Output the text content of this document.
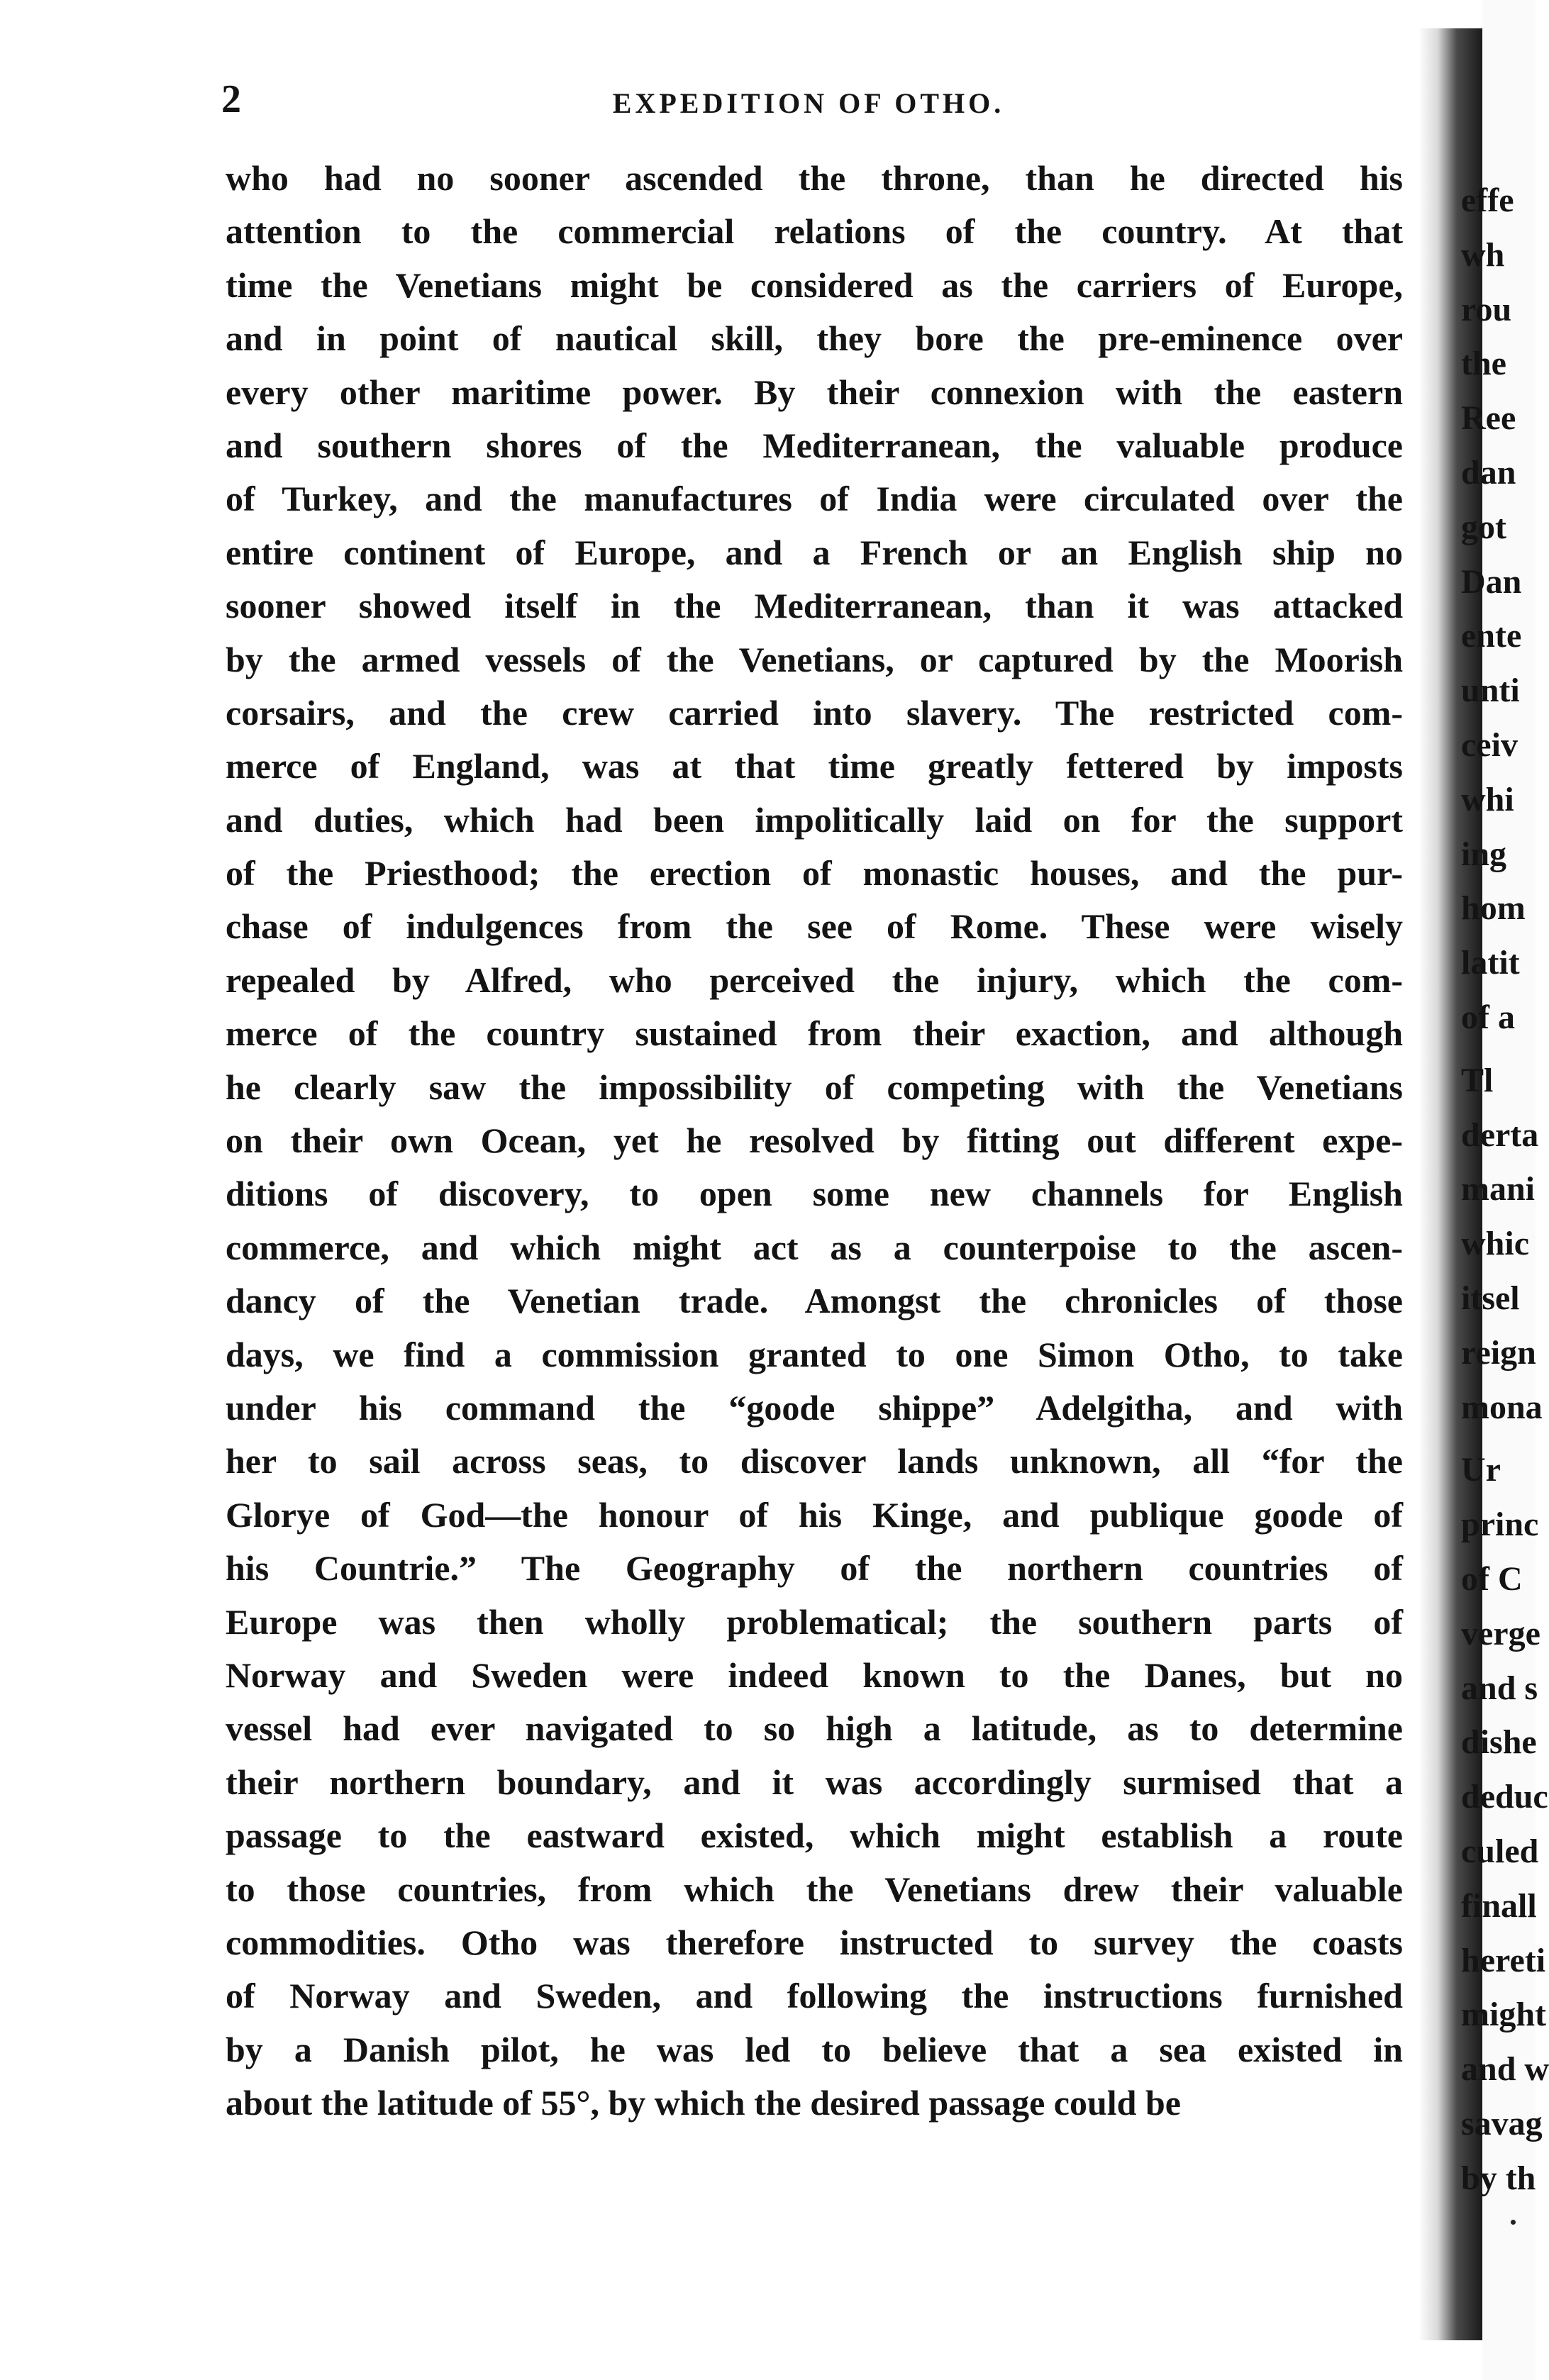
2	EXPEDITION OF OTHO.
who had no sooner ascended the throne, than he directed his
attention to the commercial relations of the country. At that
time the Venetians might be considered as the carriers of Europe,
and in point of nautical skill, they bore the pre-eminence over
every other maritime power. By their connexion with the eastern
and southern shores of the Mediterranean, the valuable produce
of Turkey, and the manufactures of India were circulated over the
entire continent of Europe, and a French or an English ship no
sooner showed itself in the Mediterranean, than it was attacked
by the armed vessels of the Venetians, or captured by the Moorish
corsairs, and the crew carried into slavery. The restricted com-
merce of England, was at that time greatly fettered by imposts
and duties, which had been impolitically laid on for the support
of the Priesthood; the erection of monastic houses, and the pur-
chase of indulgences from the see of Rome. These were wisely
repealed by Alfred, who perceived the injury, which the com-
merce of the country sustained from their exaction, and although
he clearly saw the impossibility of competing with the Venetians
on their own Ocean, yet he resolved by fitting out different expe-
ditions of discovery, to open some new channels for English
commerce, and which might act as a counterpoise to the ascen-
dancy of the Venetian trade. Amongst the chronicles of those
days, we find a commission granted to one Simon Otho, to take
under his command the “goode shippe” Adelgitha, and with
her to sail across seas, to discover lands unknown, all “for the
Glorye of God—the honour of his Kinge, and publique goode of
his Countrie.” The Geography of the northern countries of
Europe was then wholly problematical; the southern parts of
Norway and Sweden were indeed known to the Danes, but no
vessel had ever navigated to so high a latitude, as to determine
their northern boundary, and it was accordingly surmised that a
passage to the eastward existed, which might establish a route
to those countries, from which the Venetians drew their valuable
commodities. Otho was therefore instructed to survey the coasts
of Norway and Sweden, and following the instructions furnished
by a Danish pilot, he was led to believe that a sea existed in
about the latitude of 55°, by which the desired passage could be
effe
wh
rou
the
Ree
dan
got
Dan
ente
unti
ceiv
whi
ing
hom
latit
of a
Tl
derta
mani
whic
itsel
reign
mona
Ur
princ
of C
verge
and s
dishe
deduc
culed
finall
hereti
might
and w
savag
by th
